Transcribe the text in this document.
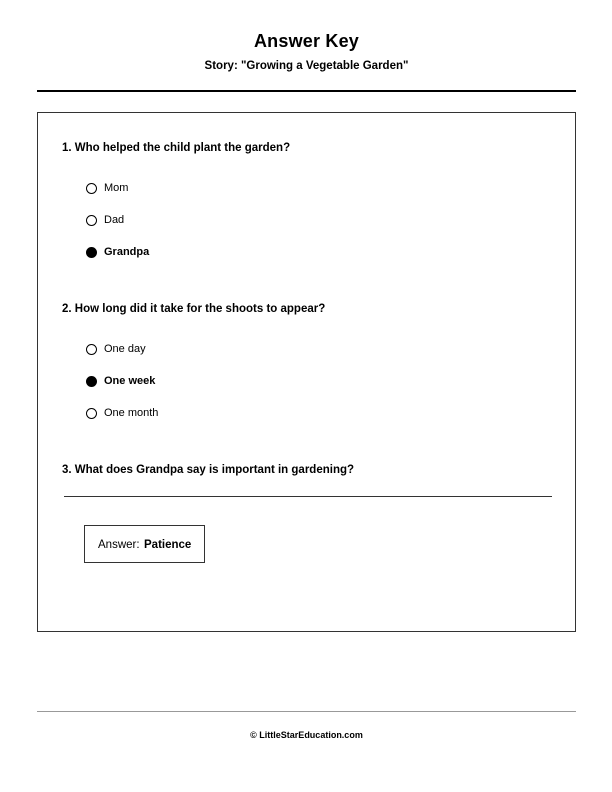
Answer Key

Story: "Growing a Vegetable Garden"

1. Who helped the child plant the garden?

Mom
Dad
Grandpa

2. How long did it take for the shoots to appear?

One day
One week
One month

3. What does Grandpa say is important in gardening?

Answer: Patience

© LittleStarEducation.com
